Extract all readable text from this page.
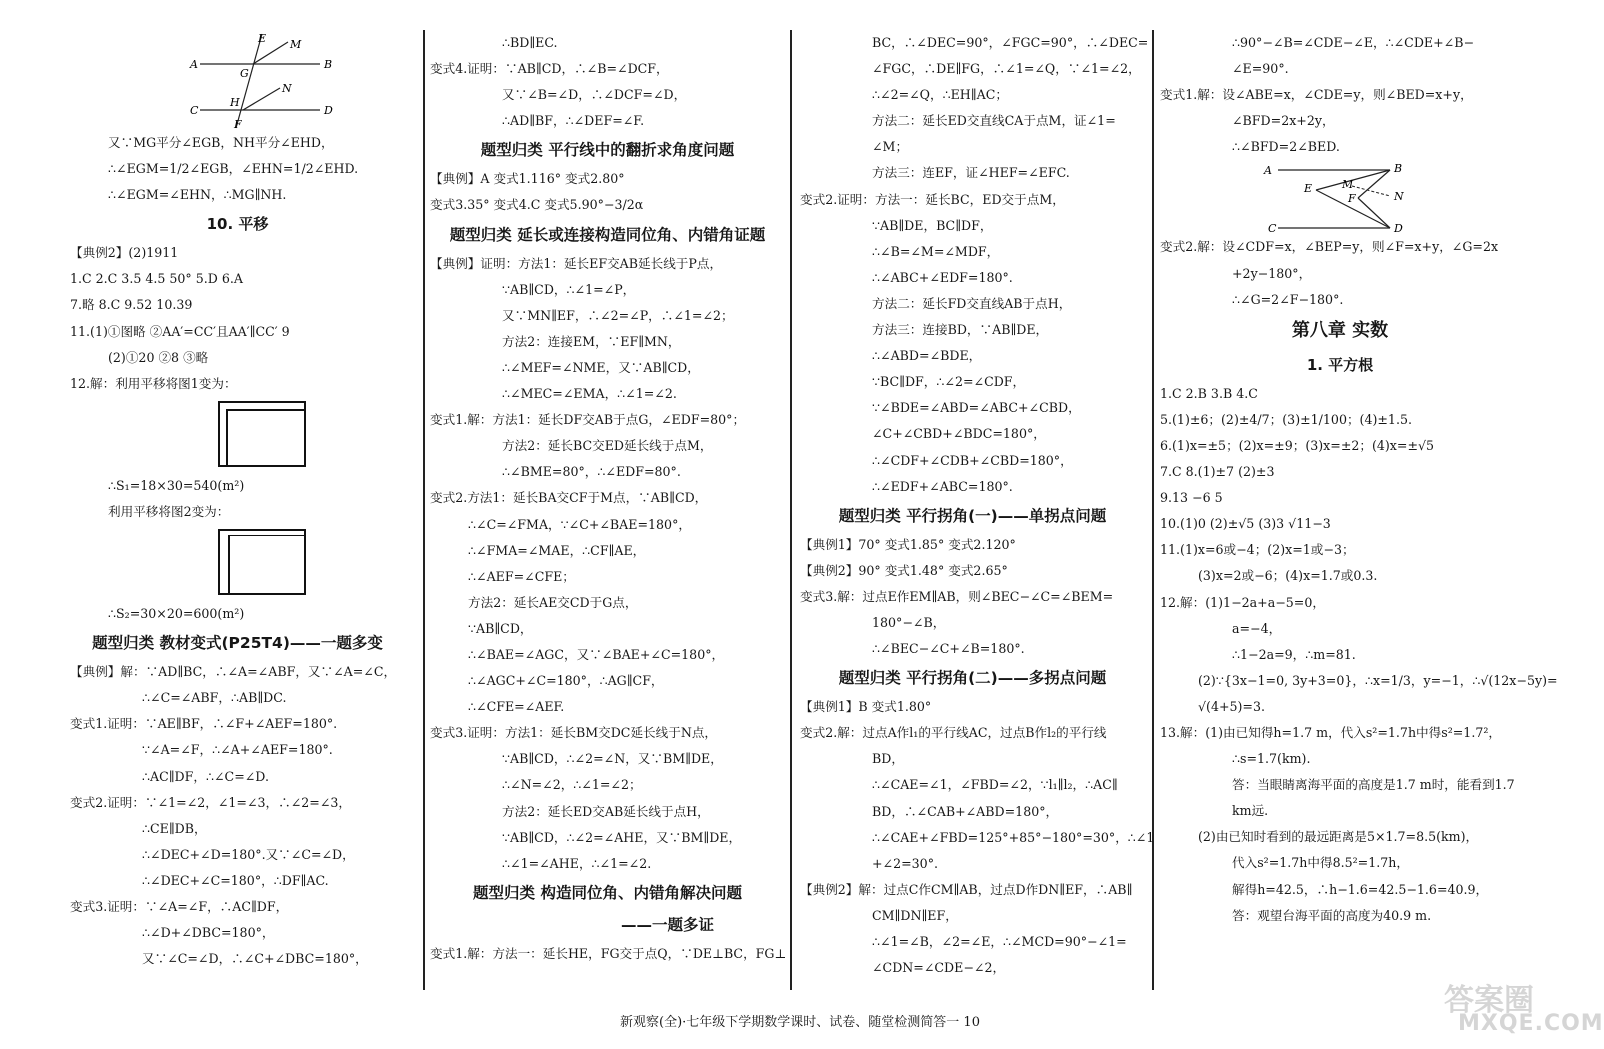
E M
A
G
B
C
H
N
D
F
又∵MG平分∠EGB，NH平分∠EHD，
∴∠EGM=1/2∠EGB，∠EHN=1/2∠EHD.
∴∠EGM=∠EHN，∴MG∥NH.
10. 平移
【典例2】(2)1911
1.C 2.C 3.5 4.5 50° 5.D 6.A
7.略 8.C 9.52 10.39
11.(1)①图略 ②AA′=CC′且AA′∥CC′ 9
(2)①20 ②8 ③略
12.解：利用平移将图1变为：
∴S₁=18×30=540(m²)
利用平移将图2变为：
∴S₂=30×20=600(m²)
题型归类 教材变式(P25T4)——一题多变
【典例】解：∵AD∥BC，∴∠A=∠ABF，又∵∠A=∠C，
∴∠C=∠ABF，∴AB∥DC.
变式1.证明：∵AE∥BF，∴∠F+∠AEF=180°.
∵∠A=∠F，∴∠A+∠AEF=180°.
∴AC∥DF，∴∠C=∠D.
变式2.证明：∵∠1=∠2，∠1=∠3，∴∠2=∠3，
∴CE∥DB，
∴∠DEC+∠D=180°.又∵∠C=∠D，
∴∠DEC+∠C=180°，∴DF∥AC.
变式3.证明：∵∠A=∠F，∴AC∥DF，
∴∠D+∠DBC=180°，
又∵∠C=∠D，∴∠C+∠DBC=180°，
∴BD∥EC.
变式4.证明：∵AB∥CD，∴∠B=∠DCF，
又∵∠B=∠D，∴∠DCF=∠D，
∴AD∥BF，∴∠DEF=∠F.
题型归类 平行线中的翻折求角度问题
【典例】A 变式1.116° 变式2.80°
变式3.35° 变式4.C 变式5.90°−3/2α
题型归类 延长或连接构造同位角、内错角证题
【典例】证明：方法1：延长EF交AB延长线于P点，
∵AB∥CD，∴∠1=∠P，
又∵MN∥EF，∴∠2=∠P，∴∠1=∠2；
方法2：连接EM，∵EF∥MN，
∴∠MEF=∠NME，又∵AB∥CD，
∴∠MEC=∠EMA，∴∠1=∠2.
变式1.解：方法1：延长DF交AB于点G，∠EDF=80°；
方法2：延长BC交ED延长线于点M，
∴∠BME=80°，∴∠EDF=80°.
变式2.方法1：延长BA交CF于M点，∵AB∥CD，
∴∠C=∠FMA，∵∠C+∠BAE=180°，
∴∠FMA=∠MAE，∴CF∥AE，
∴∠AEF=∠CFE；
方法2：延长AE交CD于G点，
∵AB∥CD，
∴∠BAE=∠AGC，又∵∠BAE+∠C=180°，
∴∠AGC+∠C=180°，∴AG∥CF，
∴∠CFE=∠AEF.
变式3.证明：方法1：延长BM交DC延长线于N点，
∵AB∥CD，∴∠2=∠N，又∵BM∥DE，
∴∠N=∠2，∴∠1=∠2；
方法2：延长ED交AB延长线于点H，
∵AB∥CD，∴∠2=∠AHE，又∵BM∥DE，
∴∠1=∠AHE，∴∠1=∠2.
题型归类 构造同位角、内错角解决问题
——一题多证
变式1.解：方法一：延长HE，FG交于点Q，∵DE⊥BC，FG⊥
BC，∴∠DEC=90°，∠FGC=90°，∴∠DEC=
∠FGC，∴DE∥FG，∴∠1=∠Q，∵∠1=∠2，
∴∠2=∠Q，∴EH∥AC；
方法二：延长ED交直线CA于点M，证∠1=
∠M；
方法三：连EF，证∠HEF=∠EFC.
变式2.证明：方法一：延长BC，ED交于点M，
∵AB∥DE，BC∥DF，
∴∠B=∠M=∠MDF，
∴∠ABC+∠EDF=180°.
方法二：延长FD交直线AB于点H，
方法三：连接BD，∵AB∥DE，
∴∠ABD=∠BDE，
∵BC∥DF，∴∠2=∠CDF，
∵∠BDE=∠ABD=∠ABC+∠CBD，
∠C+∠CBD+∠BDC=180°，
∴∠CDF+∠CDB+∠CBD=180°，
∴∠EDF+∠ABC=180°.
题型归类 平行拐角(一)——单拐点问题
【典例1】70° 变式1.85° 变式2.120°
【典例2】90° 变式1.48° 变式2.65°
变式3.解：过点E作EM∥AB，则∠BEC−∠C=∠BEM=
180°−∠B，
∴∠BEC−∠C+∠B=180°.
题型归类 平行拐角(二)——多拐点问题
【典例1】B 变式1.80°
变式2.解：过点A作l₁的平行线AC，过点B作l₂的平行线
BD，
∴∠CAE=∠1，∠FBD=∠2，∵l₁∥l₂，∴AC∥
BD，∴∠CAB+∠ABD=180°，
∴∠CAE+∠FBD=125°+85°−180°=30°，∴∠1
+∠2=30°.
【典例2】解：过点C作CM∥AB，过点D作DN∥EF，∴AB∥
CM∥DN∥EF，
∴∠1=∠B，∠2=∠E，∴∠MCD=90°−∠1=
∠CDN=∠CDE−∠2，
∴90°−∠B=∠CDE−∠E，∴∠CDE+∠B−
∠E=90°.
变式1.解：设∠ABE=x，∠CDE=y，则∠BED=x+y，
∠BFD=2x+2y，
∴∠BFD=2∠BED.
A	B
E	M
N
F
C	D
变式2.解：设∠CDF=x，∠BEP=y，则∠F=x+y，∠G=2x
+2y−180°，
∴∠G=2∠F−180°.
第八章 实数
1. 平方根
1.C 2.B 3.B 4.C
5.(1)±6；(2)±4/7；(3)±1/100；(4)±1.5.
6.(1)x=±5；(2)x=±9；(3)x=±2；(4)x=±√5
7.C 8.(1)±7 (2)±3
9.13 −6 5
10.(1)0 (2)±√5 (3)3 √11−3
11.(1)x=6或−4；(2)x=1或−3；
(3)x=2或−6；(4)x=1.7或0.3.
12.解：(1)1−2a+a−5=0，
a=−4，
∴1−2a=9，∴m=81.
(2)∵{3x−1=0, 3y+3=0}，∴x=1/3，y=−1，∴√(12x−5y)=
√(4+5)=3.
13.解：(1)由已知得h=1.7 m，代入s²=1.7h中得s²=1.7²，
∴s=1.7(km).
答：当眼睛离海平面的高度是1.7 m时，能看到1.7
km远.
(2)由已知时看到的最远距离是5×1.7=8.5(km)，
代入s²=1.7h中得8.5²=1.7h，
解得h=42.5，∴h−1.6=42.5−1.6=40.9，
答：观望台海平面的高度为40.9 m.
新观察(全)·七年级下学期数学课时、试卷、随堂检测简答一 10
答案圈
MXQE.COM
